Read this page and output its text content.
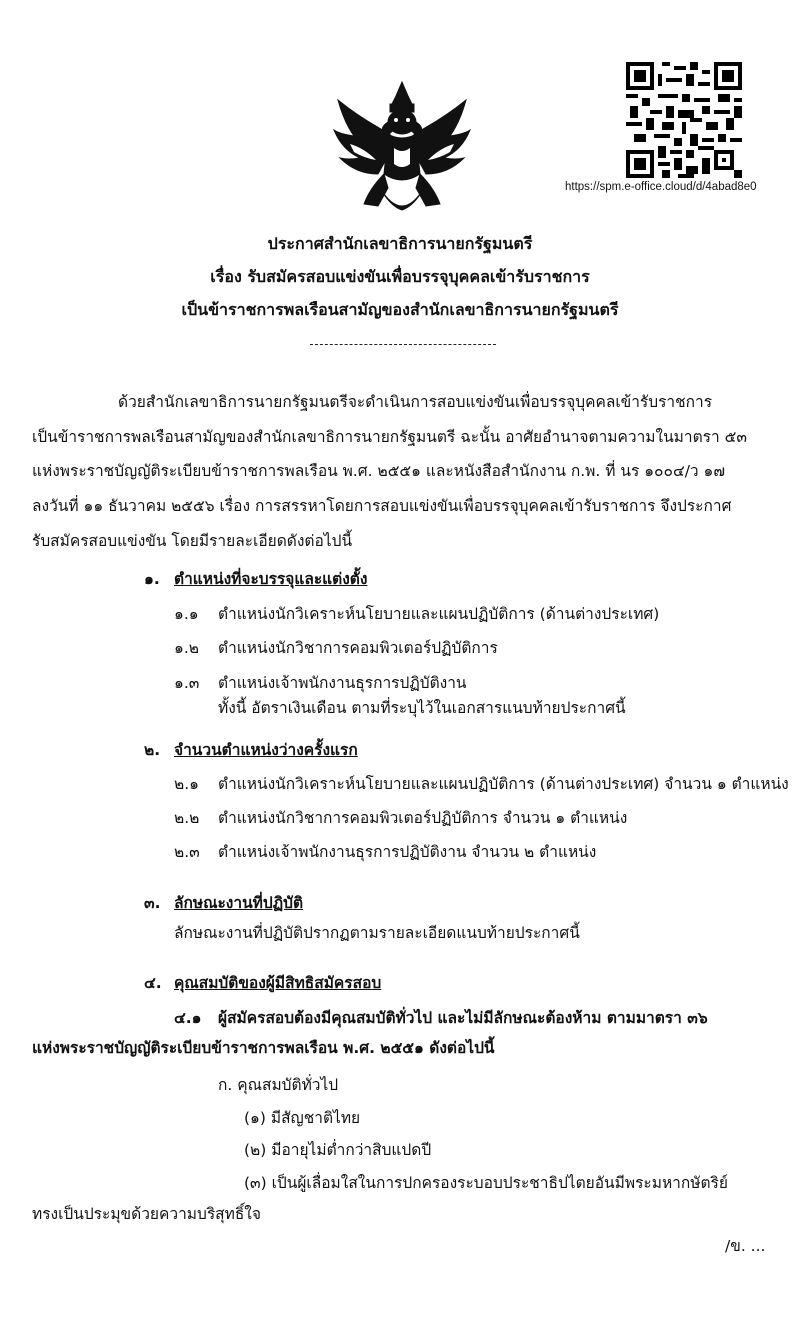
https://spm.e-office.cloud/d/4abad8e0
ประกาศสำนักเลขาธิการนายกรัฐมนตรี
เรื่อง รับสมัครสอบแข่งขันเพื่อบรรจุบุคคลเข้ารับราชการ
เป็นข้าราชการพลเรือนสามัญของสำนักเลขาธิการนายกรัฐมนตรี
ด้วยสำนักเลขาธิการนายกรัฐมนตรีจะดำเนินการสอบแข่งขันเพื่อบรรจุบุคคลเข้ารับราชการ
เป็นข้าราชการพลเรือนสามัญของสำนักเลขาธิการนายกรัฐมนตรี ฉะนั้น อาศัยอำนาจตามความในมาตรา ๕๓
แห่งพระราชบัญญัติระเบียบข้าราชการพลเรือน พ.ศ. ๒๕๕๑ และหนังสือสำนักงาน ก.พ. ที่ นร ๑๐๐๔/ว ๑๗
ลงวันที่ ๑๑ ธันวาคม ๒๕๕๖ เรื่อง การสรรหาโดยการสอบแข่งขันเพื่อบรรจุบุคคลเข้ารับราชการ จึงประกาศ
รับสมัครสอบแข่งขัน โดยมีรายละเอียดดังต่อไปนี้
๑. ตำแหน่งที่จะบรรจุและแต่งตั้ง
๑.๑ ตำแหน่งนักวิเคราะห์นโยบายและแผนปฏิบัติการ (ด้านต่างประเทศ)
๑.๒ ตำแหน่งนักวิชาการคอมพิวเตอร์ปฏิบัติการ
๑.๓ ตำแหน่งเจ้าพนักงานธุรการปฏิบัติงาน
ทั้งนี้ อัตราเงินเดือน ตามที่ระบุไว้ในเอกสารแนบท้ายประกาศนี้
๒. จำนวนตำแหน่งว่างครั้งแรก
๒.๑ ตำแหน่งนักวิเคราะห์นโยบายและแผนปฏิบัติการ (ด้านต่างประเทศ) จำนวน ๑ ตำแหน่ง
๒.๒ ตำแหน่งนักวิชาการคอมพิวเตอร์ปฏิบัติการ จำนวน ๑ ตำแหน่ง
๒.๓ ตำแหน่งเจ้าพนักงานธุรการปฏิบัติงาน จำนวน ๒ ตำแหน่ง
๓. ลักษณะงานที่ปฏิบัติ
ลักษณะงานที่ปฏิบัติปรากฏตามรายละเอียดแนบท้ายประกาศนี้
๔. คุณสมบัติของผู้มีสิทธิสมัครสอบ
๔.๑ ผู้สมัครสอบต้องมีคุณสมบัติทั่วไป และไม่มีลักษณะต้องห้าม ตามมาตรา ๓๖
แห่งพระราชบัญญัติระเบียบข้าราชการพลเรือน พ.ศ. ๒๕๕๑ ดังต่อไปนี้
ก. คุณสมบัติทั่วไป
(๑) มีสัญชาติไทย
(๒) มีอายุไม่ต่ำกว่าสิบแปดปี
(๓) เป็นผู้เลื่อมใสในการปกครองระบอบประชาธิปไตยอันมีพระมหากษัตริย์
ทรงเป็นประมุขด้วยความบริสุทธิ์ใจ
/ข. ...
